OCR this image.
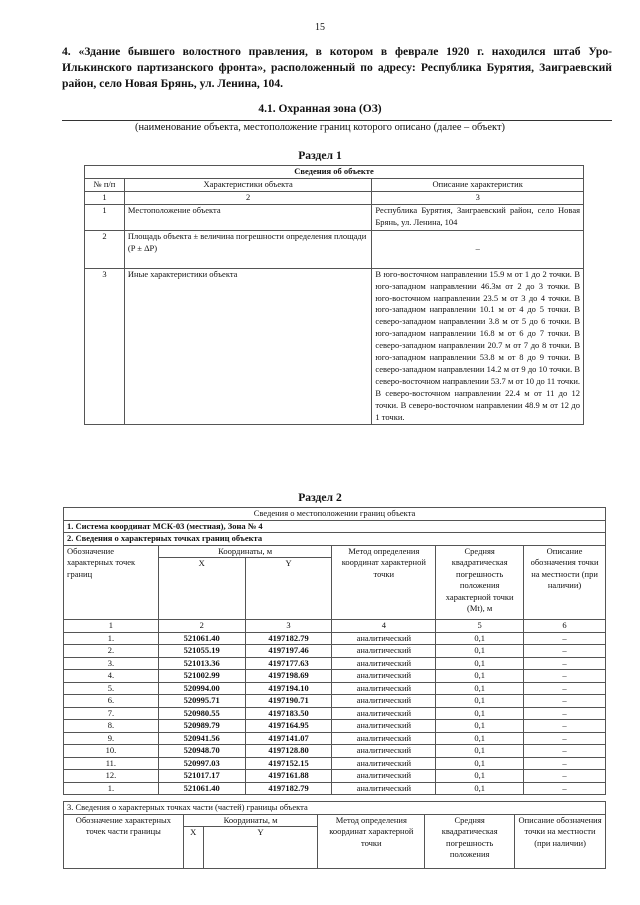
15
4. «Здание бывшего волостного правления, в котором в феврале 1920 г. находился штаб Уро-Илькинского партизанского фронта», расположенный по адресу: Республика Бурятия, Заиграевский район, село Новая Брянь, ул. Ленина, 104.
4.1. Охранная зона (ОЗ)
(наименование объекта, местоположение границ которого описано (далее – объект)
Раздел 1
Сведения об объекте		
№ п/п	Характеристики объекта	Описание характеристик
1	2	3
1	Местоположение объекта	Республика Бурятия, Заиграевский район, село Новая Брянь, ул. Ленина, 104
2	Площадь объекта ± величина погрешности определения площади (P ± ΔP)	–
3	Иные характеристики объекта	В юго-восточном направлении 15.9 м от 1 до 2 точки. В юго-западном направлении 46.3м от 2 до 3 точки. В юго-восточном направлении 23.5 м от 3 до 4 точки. В юго-западном направлении 10.1 м от 4 до 5 точки. В северо-западном направлении 3.8 м от 5 до 6 точки. В юго-западном направлении 16.8 м от 6 до 7 точки. В северо-западном направлении 20.7 м от 7 до 8 точки. В юго-западном направлении 53.8 м от 8 до 9 точки. В северо-западном направлении 14.2 м от 9 до 10 точки. В северо-восточном направлении 53.7 м от 10 до 11 точки. В северо-восточном направлении 22.4 м от 11 до 12 точки. В северо-восточном направлении 48.9 м от 12 до 1 точки.
Раздел 2
Сведения о местоположении границ объекта					
1. Система координат МСК-03 (местная), Зона № 4					
2. Сведения о характерных точках границ объекта					
Обозначение характерных точек границ	Координаты, м		Метод определения координат характерной точки	Средняя квадратическая погрешность положения характерной точки (Mt), м	Описание обозначения точки на местности (при наличии)
	X	Y			
1	2	3	4	5	6
1.	521061.40	4197182.79	аналитический	0,1	–
2.	521055.19	4197197.46	аналитический	0,1	–
3.	521013.36	4197177.63	аналитический	0,1	–
4.	521002.99	4197198.69	аналитический	0,1	–
5.	520994.00	4197194.10	аналитический	0,1	–
6.	520995.71	4197190.71	аналитический	0,1	–
7.	520980.55	4197183.50	аналитический	0,1	–
8.	520989.79	4197164.95	аналитический	0,1	–
9.	520941.56	4197141.07	аналитический	0,1	–
10.	520948.70	4197128.80	аналитический	0,1	–
11.	520997.03	4197152.15	аналитический	0,1	–
12.	521017.17	4197161.88	аналитический	0,1	–
1.	521061.40	4197182.79	аналитический	0,1	–
3. Сведения о характерных точках части (частей) границы объекта					
Обозначение характерных точек части границы	Координаты, м		Метод определения координат характерной точки	Средняя квадратическая погрешность положения	Описание обозначения точки на местности (при наличии)
	X	Y			
